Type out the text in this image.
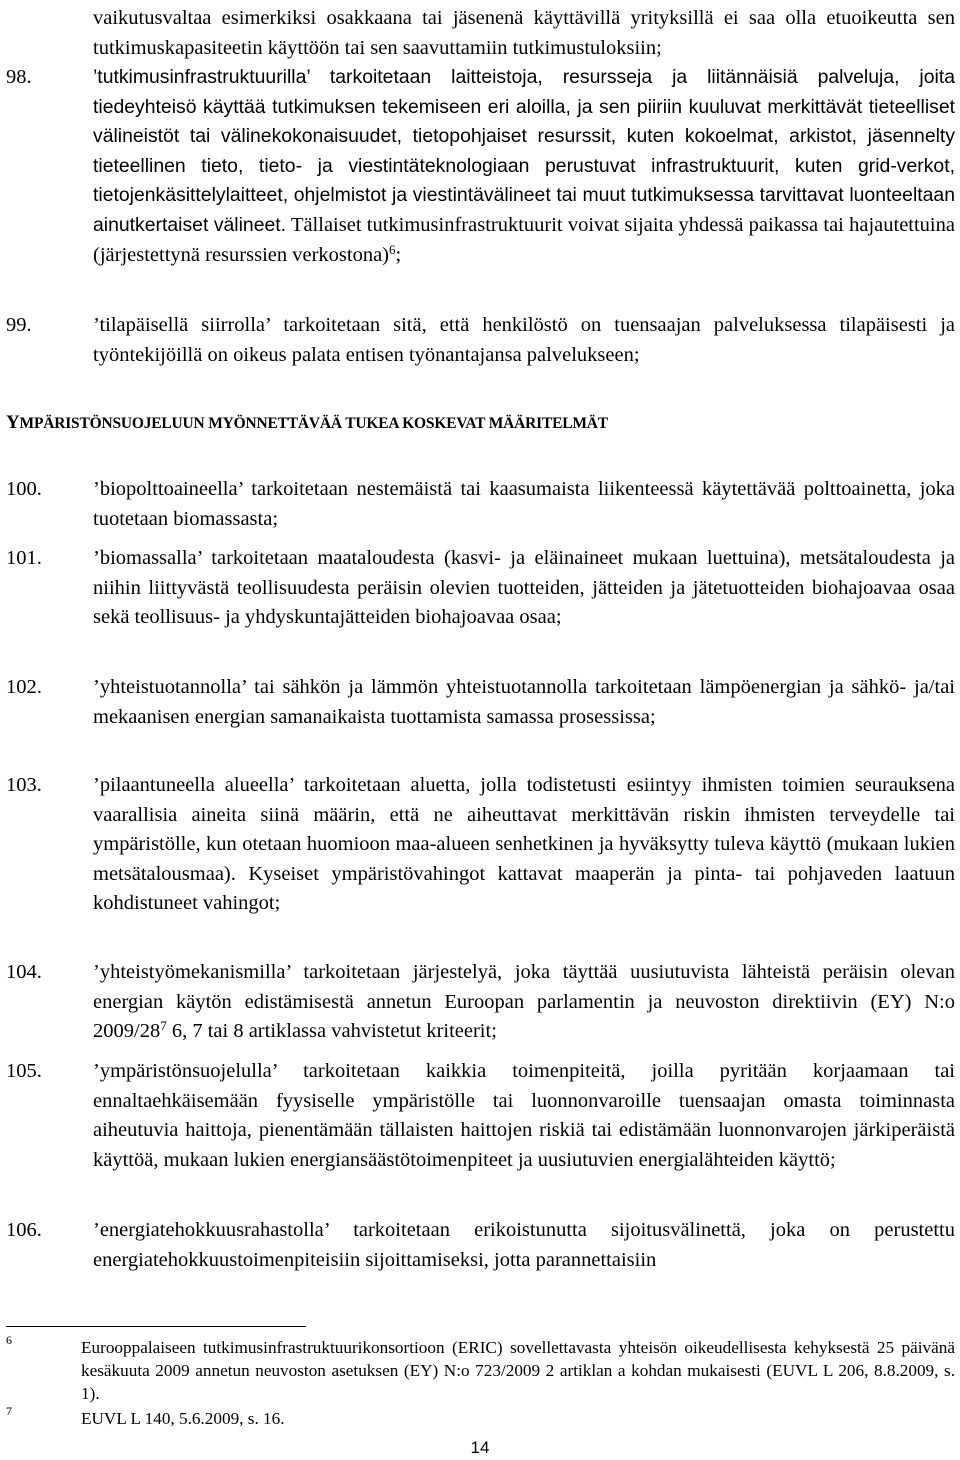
vaikutusvaltaa esimerkiksi osakkaana tai jäsenenä käyttävillä yrityksillä ei saa olla etuoikeutta sen tutkimuskapasiteetin käyttöön tai sen saavuttamiin tutkimustuloksiin;
98.	’tutkimusinfrastruktuurilla’ tarkoitetaan laitteistoja, resursseja ja liitännäisiä palveluja, joita tiedeyhteisö käyttää tutkimuksen tekemiseen eri aloilla, ja sen piiriin kuuluvat merkittävät tieteelliset välineistöt tai välinekokonaisuudet, tietopohjaiset resurssit, kuten kokoelmat, arkistot, jäsennelty tieteellinen tieto, tieto- ja viestintäteknologiaan perustuvat infrastruktuurit, kuten grid-verkot, tietojenkäsittelylaitteet, ohjelmistot ja viestintävälineet tai muut tutkimuksessa tarvittavat luonteeltaan ainutkertaiset välineet. Tällaiset tutkimusinfrastruktuurit voivat sijaita yhdessä paikassa tai hajautettuina (järjestettynä resurssien verkostona)$^6$;
99.	’tilapäisellä siirrolla’ tarkoitetaan sitä, että henkilöstö on tuensaajan palveluksessa tilapäisesti ja työntekijöillä on oikeus palata entisen työnantajansa palvelukseen;
YMPÄRISTÖNSUOJELUUN MYÖNNETTÄVÄÄ TUKEA KOSKEVAT MÄÄRITELMÄT
100. ’biopolttoaineella’ tarkoitetaan nestemäistä tai kaasumaista liikenteessä käytettävää polttoainetta, joka tuotetaan biomassasta;
101. ’biomassalla’ tarkoitetaan maataloudesta (kasvi- ja eläinaineet mukaan luettuina), metsätaloudesta ja niihin liittyvästä teollisuudesta peräisin olevien tuotteiden, jätteiden ja jätetuotteiden biohajoavaa osaa sekä teollisuus- ja yhdyskuntajätteiden biohajoavaa osaa;
102. ’yhteistuotannolla’ tai sähkön ja lämmön yhteistuotannolla tarkoitetaan lämpöenergian ja sähkö- ja/tai mekaanisen energian samanaikaista tuottamista samassa prosessissa;
103. ’pilaantuneella alueella’ tarkoitetaan aluetta, jolla todistetusti esiintyy ihmisten toimien seurauksena vaarallisia aineita siinä määrin, että ne aiheuttavat merkittävän riskin ihmisten terveydelle tai ympäristölle, kun otetaan huomioon maa-alueen senhetkinen ja hyväksytty tuleva käyttö (mukaan lukien metsätalousmaa). Kyseiset ympäristövahingot kattavat maaperän ja pinta- tai pohjaveden laatuun kohdistuneet vahingot;
104. ’yhteistyömekanismilla’ tarkoitetaan järjestelyä, joka täyttää uusiutuvista lähteistä peräisin olevan energian käytön edistämisestä annetun Euroopan parlamentin ja neuvoston direktiivin (EY) N:o $2009/28^7$ 6, 7 tai 8 artiklassa vahvistetut kriteerit;
105. ’ympäristönsuojelulla’ tarkoitetaan kaikkia toimenpiteitä, joilla pyritään korjaamaan tai ennaltaehkäisemään fyysiselle ympäristölle tai luonnonvaroille tuensaajan omasta toiminnasta aiheutuvia haittoja, pienentämään tällaisten haittojen riskiä tai edistämään luonnonvarojen järkiperäistä käyttöä, mukaan lukien energiansäästötoimenpiteet ja uusiutuvien energialähteiden käyttö;
106. ’energiatehokkuusrahastolla’ tarkoitetaan erikoistunutta sijoitusvälinettä, joka on perustettu energiatehokkuustoimenpiteisiin sijoittamiseksi, jotta parannettaisiin
6	Eurooppalaiseen tutkimusinfrastruktuurikonsortioon (ERIC) sovellettavasta yhteisön oikeudellisesta kehyksestä 25 päivänä kesäkuuta 2009 annetun neuvoston asetuksen (EY) N:o 723/2009 2 artiklan a kohdan mukaisesti (EUVL L 206, 8.8.2009, s. 1).
7	EUVL L 140, 5.6.2009, s. 16.
14
